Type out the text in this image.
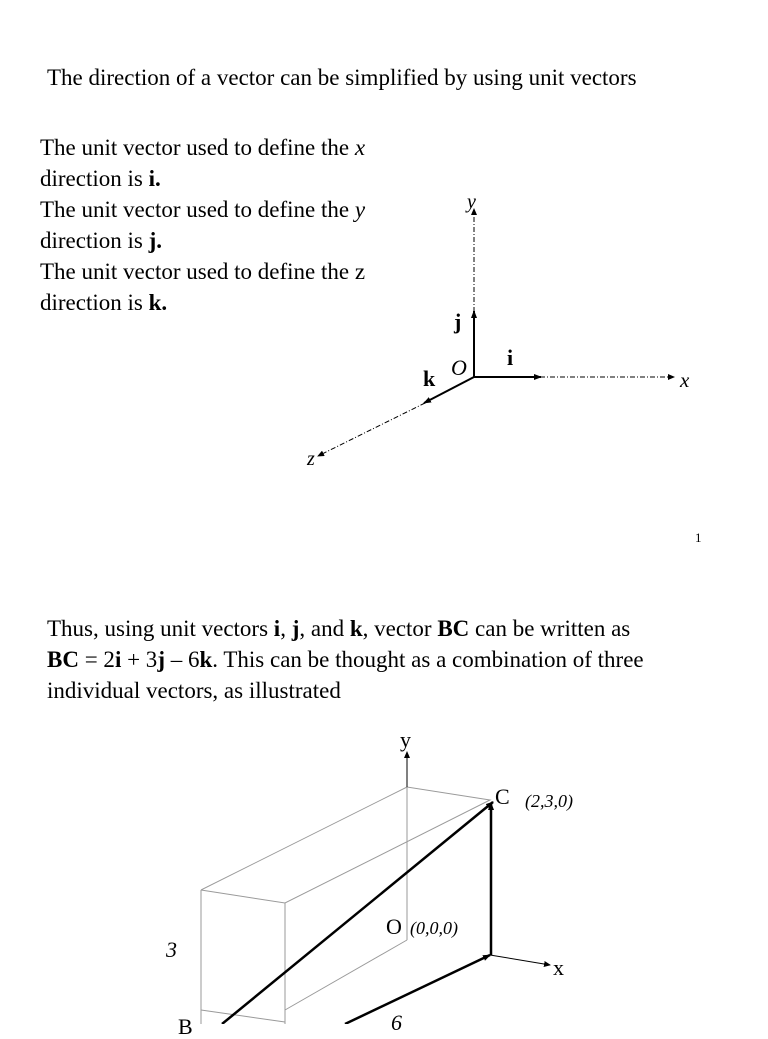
The direction of a vector can be simplified by using unit vectors
The unit vector used to define the x
direction is i.
The unit vector used to define the y
direction is j.
The unit vector used to define the z
direction is k.
y
x
z
O i
j
k
1
Thus, using unit vectors i, j, and k, vector BC can be written as
BC = 2i + 3j – 6k. This can be thought as a combination of three
individual vectors, as illustrated
y
x
C (2,3,0)
O (0,0,0)
B
3
6
